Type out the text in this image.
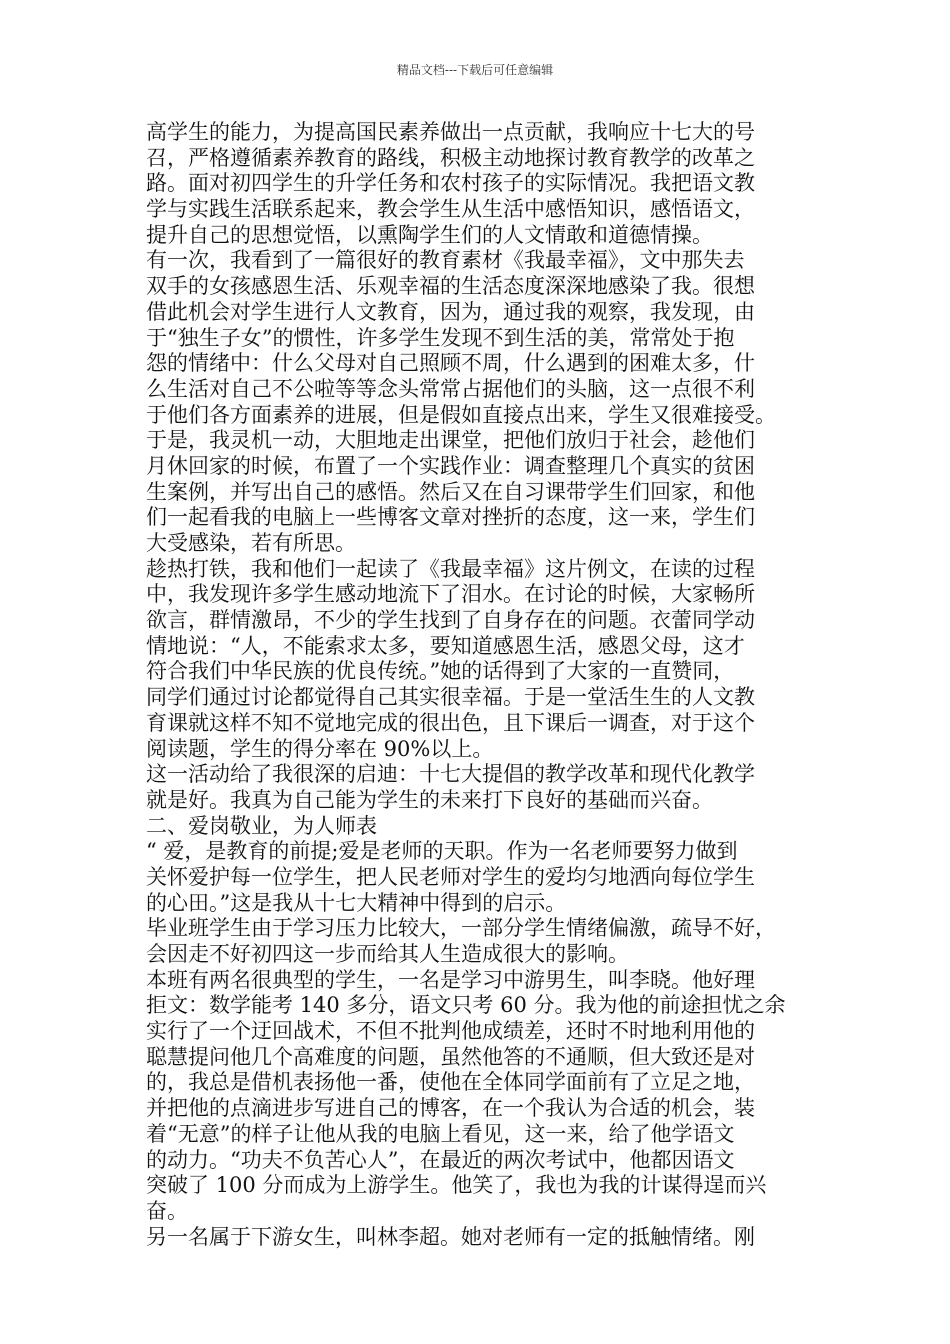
精品文档---下载后可任意编辑
高学生的能力，为提高国民素养做出一点贡献，我响应十七大的号
召，严格遵循素养教育的路线，积极主动地探讨教育教学的改革之
路。面对初四学生的升学任务和农村孩子的实际情况。我把语文教
学与实践生活联系起来，教会学生从生活中感悟知识，感悟语文，
提升自己的思想觉悟，以熏陶学生们的人文情敢和道德情操。
有一次，我看到了一篇很好的教育素材《我最幸福》，文中那失去
双手的女孩感恩生活、乐观幸福的生活态度深深地感染了我。很想
借此机会对学生进行人文教育，因为，通过我的观察，我发现，由
于“独生子女”的惯性，许多学生发现不到生活的美，常常处于抱
怨的情绪中：什么父母对自己照顾不周，什么遇到的困难太多，什
么生活对自己不公啦等等念头常常占据他们的头脑，这一点很不利
于他们各方面素养的进展，但是假如直接点出来，学生又很难接受。
于是，我灵机一动，大胆地走出课堂，把他们放归于社会，趁他们
月休回家的时候，布置了一个实践作业：调查整理几个真实的贫困
生案例，并写出自己的感悟。然后又在自习课带学生们回家，和他
们一起看我的电脑上一些博客文章对挫折的态度，这一来，学生们
大受感染，若有所思。
趁热打铁，我和他们一起读了《我最幸福》这片例文，在读的过程
中，我发现许多学生感动地流下了泪水。在讨论的时候，大家畅所
欲言，群情激昂，不少的学生找到了自身存在的问题。衣蕾同学动
情地说：“人，不能索求太多，要知道感恩生活，感恩父母，这才
符合我们中华民族的优良传统。”她的话得到了大家的一直赞同，
同学们通过讨论都觉得自己其实很幸福。于是一堂活生生的人文教
育课就这样不知不觉地完成的很出色，且下课后一调查，对于这个
阅读题，学生的得分率在 90%以上。
这一活动给了我很深的启迪：十七大提倡的教学改革和现代化教学
就是好。我真为自己能为学生的未来打下良好的基础而兴奋。
二、爱岗敬业，为人师表
“ 爱，是教育的前提;爱是老师的天职。作为一名老师要努力做到
关怀爱护每一位学生，把人民老师对学生的爱均匀地洒向每位学生
的心田。”这是我从十七大精神中得到的启示。
毕业班学生由于学习压力比较大，一部分学生情绪偏激，疏导不好，
会因走不好初四这一步而给其人生造成很大的影响。
本班有两名很典型的学生，一名是学习中游男生，叫李晓。他好理
拒文：数学能考 140 多分，语文只考 60 分。我为他的前途担忧之余
实行了一个迂回战术，不但不批判他成绩差，还时不时地利用他的
聪慧提问他几个高难度的问题，虽然他答的不通顺，但大致还是对
的，我总是借机表扬他一番，使他在全体同学面前有了立足之地，
并把他的点滴进步写进自己的博客，在一个我认为合适的机会，装
着“无意”的样子让他从我的电脑上看见，这一来，给了他学语文
的动力。“功夫不负苦心人”，在最近的两次考试中，他都因语文
突破了 100 分而成为上游学生。他笑了，我也为我的计谋得逞而兴
奋。
另一名属于下游女生，叫林李超。她对老师有一定的抵触情绪。刚
